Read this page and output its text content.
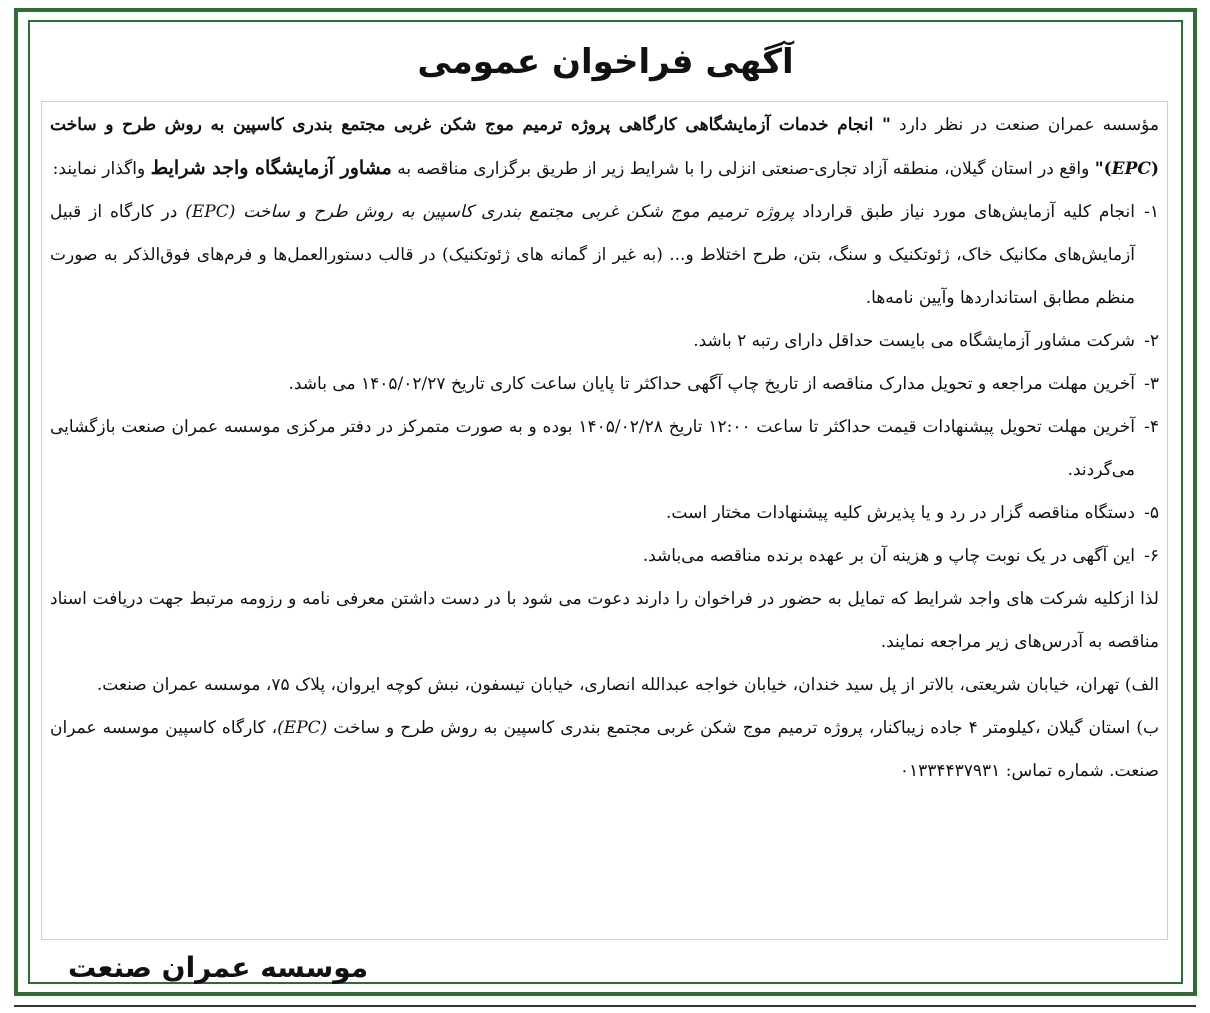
آگهی فراخوان عمومی

مؤسسه عمران صنعت در نظر دارد " انجام خدمات آزمایشگاهی کارگاهی پروژه ترمیم موج شکن غربی مجتمع بندری کاسپین به روش طرح و ساخت (EPC)" واقع در استان گیلان، منطقه آزاد تجاری-صنعتی انزلی را با شرایط زیر از طریق برگزاری مناقصه به مشاور آزمایشگاه واجد شرایط واگذار نمایند:

۱-
انجام کلیه آزمایش‌های مورد نیاز طبق قرارداد پروژه ترمیم موج شکن غربی مجتمع بندری کاسپین به روش طرح و ساخت (EPC) در کارگاه از قبیل آزمایش‌های مکانیک خاک، ژئوتکنیک و سنگ، بتن، طرح اختلاط و... (به غیر از گمانه های ژئوتکنیک) در قالب دستورالعمل‌ها و فرم‌های فوق‌الذکر به صورت منظم مطابق استانداردها وآیین نامه‌ها.
۲-
شرکت مشاور آزمایشگاه می بایست حداقل دارای رتبه ۲ باشد.
۳-
آخرین مهلت مراجعه و تحویل مدارک مناقصه از تاریخ چاپ آگهی حداکثر تا پایان ساعت کاری تاریخ ۱۴۰۵/۰۲/۲۷ می باشد.
۴-
آخرین مهلت تحویل پیشنهادات قیمت حداکثر تا ساعت ۱۲:۰۰ تاریخ ۱۴۰۵/۰۲/۲۸ بوده و به صورت متمرکز در دفتر مرکزی موسسه عمران صنعت بازگشایی می‌گردند.
۵-
دستگاه مناقصه گزار در رد و یا پذیرش کلیه پیشنهادات مختار است.
۶-
این آگهی در یک نوبت چاپ و هزینه آن بر عهده برنده مناقصه می‌باشد.

لذا ازکلیه شرکت های واجد شرایط که تمایل به حضور در فراخوان را دارند دعوت می شود با در دست داشتن معرفی نامه و رزومه مرتبط جهت دریافت اسناد مناقصه به آدرس‌های زیر مراجعه نمایند.

الف) تهران، خیابان شریعتی، بالاتر از پل سید خندان، خیابان خواجه عبدالله انصاری، خیابان تیسفون، نبش کوچه ایروان، پلاک ۷۵، موسسه عمران صنعت.

ب) استان گیلان ،کیلومتر ۴ جاده زیباکنار، پروژه ترمیم موج شکن غربی مجتمع بندری کاسپین به روش طرح و ساخت (EPC)، کارگاه کاسپین موسسه عمران صنعت. شماره تماس: ۰۱۳۳۴۴۳۷۹۳۱

موسسه عمران صنعت
